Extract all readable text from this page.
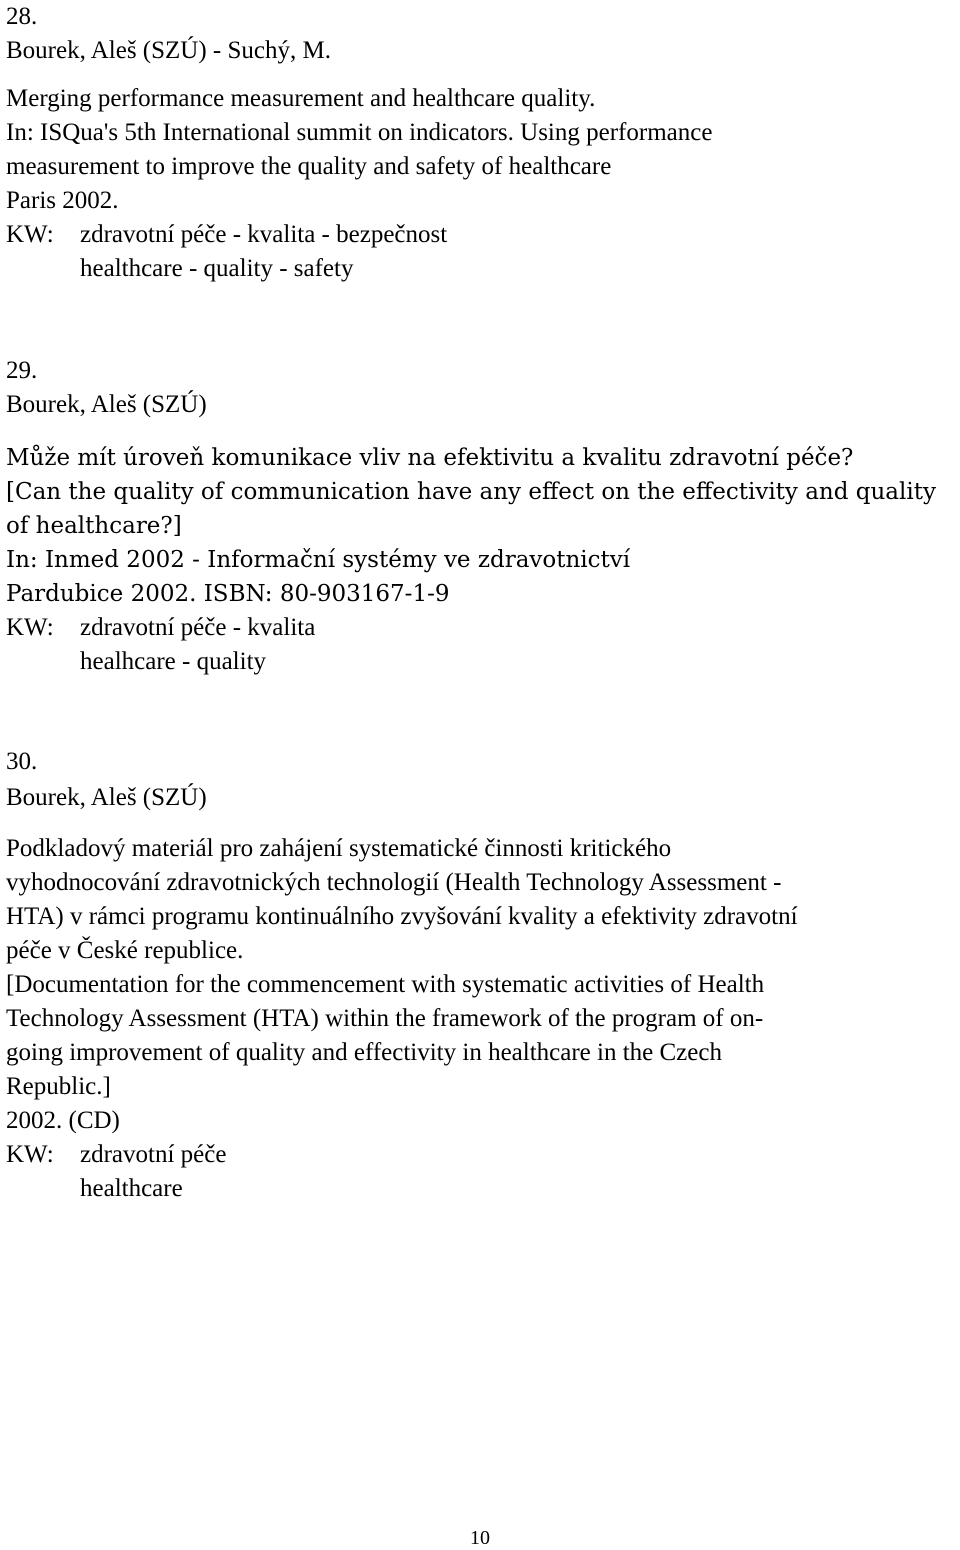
28.
Bourek, Aleš (SZÚ) - Suchý, M.
Merging performance measurement and healthcare quality.
In: ISQua's 5th International summit on indicators. Using performance
measurement to improve the quality and safety of healthcare
Paris 2002.
KW: zdravotní péče - kvalita - bezpečnost
healthcare - quality - safety
29.
Bourek, Aleš (SZÚ)
Může mít úroveň komunikace vliv na efektivitu a kvalitu zdravotní péče?
[Can the quality of communication have any effect on the effectivity and quality
of healthcare?]
In: Inmed 2002 - Informační systémy ve zdravotnictví
Pardubice 2002. ISBN: 80-903167-1-9
KW: zdravotní péče - kvalita
healhcare - quality
30.
Bourek, Aleš (SZÚ)
Podkladový materiál pro zahájení systematické činnosti kritického
vyhodnocování zdravotnických technologií (Health Technology Assessment -
HTA) v rámci programu kontinuálního zvyšování kvality a efektivity zdravotní
péče v České republice.
[Documentation for the commencement with systematic activities of Health
Technology Assessment (HTA) within the framework of the program of on-
going improvement of quality and effectivity in healthcare in the Czech
Republic.]
2002. (CD)
KW: zdravotní péče
healthcare
10
